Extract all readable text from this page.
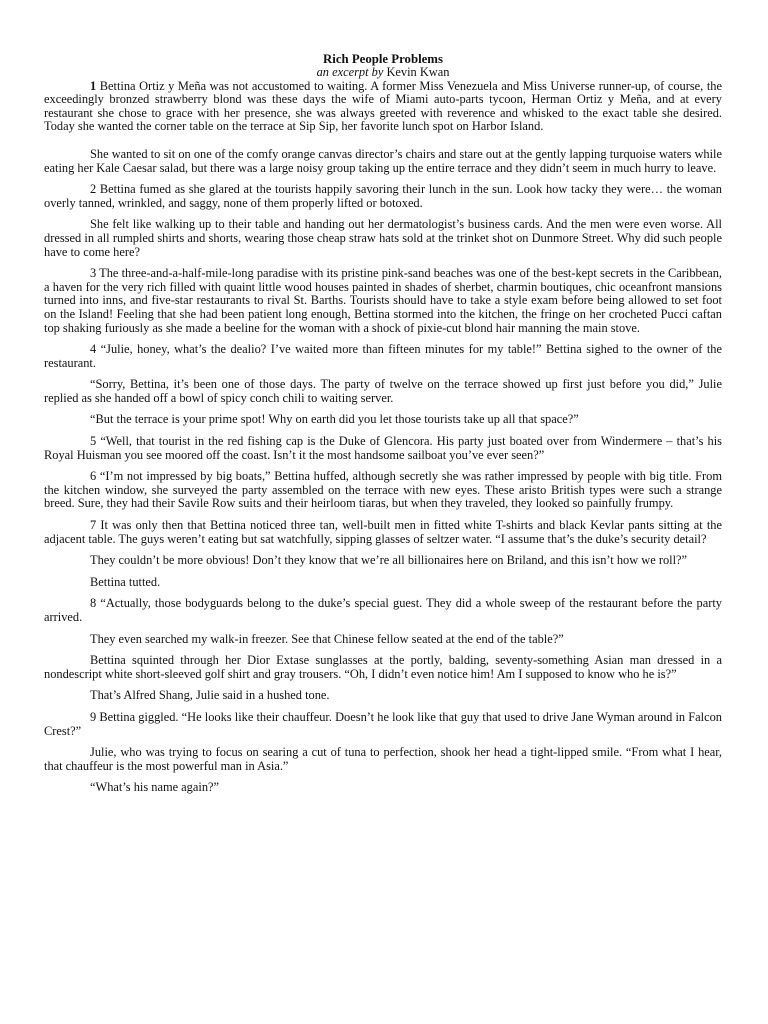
Rich People Problems
an excerpt by Kevin Kwan

1 Bettina Ortiz y Meña was not accustomed to waiting. A former Miss Venezuela and Miss Universe runner-up, of course, the exceedingly bronzed strawberry blond was these days the wife of Miami auto-parts tycoon, Herman Ortiz y Meña, and at every restaurant she chose to grace with her presence, she was always greeted with reverence and whisked to the exact table she desired. Today she wanted the corner table on the terrace at Sip Sip, her favorite lunch spot on Harbor Island.

She wanted to sit on one of the comfy orange canvas director’s chairs and stare out at the gently lapping turquoise waters while eating her Kale Caesar salad, but there was a large noisy group taking up the entire terrace and they didn’t seem in much hurry to leave.

2 Bettina fumed as she glared at the tourists happily savoring their lunch in the sun. Look how tacky they were… the woman overly tanned, wrinkled, and saggy, none of them properly lifted or botoxed.

She felt like walking up to their table and handing out her dermatologist’s business cards. And the men were even worse. All dressed in all rumpled shirts and shorts, wearing those cheap straw hats sold at the trinket shot on Dunmore Street. Why did such people have to come here?

3 The three-and-a-half-mile-long paradise with its pristine pink-sand beaches was one of the best-kept secrets in the Caribbean, a haven for the very rich filled with quaint little wood houses painted in shades of sherbet, charmin boutiques, chic oceanfront mansions turned into inns, and five-star restaurants to rival St. Barths. Tourists should have to take a style exam before being allowed to set foot on the Island! Feeling that she had been patient long enough, Bettina stormed into the kitchen, the fringe on her crocheted Pucci caftan top shaking furiously as she made a beeline for the woman with a shock of pixie-cut blond hair manning the main stove.

4 “Julie, honey, what’s the dealio? I’ve waited more than fifteen minutes for my table!” Bettina sighed to the owner of the restaurant.

“Sorry, Bettina, it’s been one of those days. The party of twelve on the terrace showed up first just before you did,” Julie replied as she handed off a bowl of spicy conch chili to waiting server.

“But the terrace is your prime spot! Why on earth did you let those tourists take up all that space?”

5 “Well, that tourist in the red fishing cap is the Duke of Glencora. His party just boated over from Windermere – that’s his Royal Huisman you see moored off the coast. Isn’t it the most handsome sailboat you’ve ever seen?”

6 “I’m not impressed by big boats,” Bettina huffed, although secretly she was rather impressed by people with big title. From the kitchen window, she surveyed the party assembled on the terrace with new eyes. These aristo British types were such a strange breed. Sure, they had their Savile Row suits and their heirloom tiaras, but when they traveled, they looked so painfully frumpy.

7 It was only then that Bettina noticed three tan, well-built men in fitted white T-shirts and black Kevlar pants sitting at the adjacent table. The guys weren’t eating but sat watchfully, sipping glasses of seltzer water. “I assume that’s the duke’s security detail?

They couldn’t be more obvious! Don’t they know that we’re all billionaires here on Briland, and this isn’t how we roll?”

Bettina tutted.

8 “Actually, those bodyguards belong to the duke’s special guest. They did a whole sweep of the restaurant before the party arrived.

They even searched my walk-in freezer. See that Chinese fellow seated at the end of the table?”

Bettina squinted through her Dior Extase sunglasses at the portly, balding, seventy-something Asian man dressed in a nondescript white short-sleeved golf shirt and gray trousers. “Oh, I didn’t even notice him! Am I supposed to know who he is?”

That’s Alfred Shang, Julie said in a hushed tone.

9 Bettina giggled. “He looks like their chauffeur. Doesn’t he look like that guy that used to drive Jane Wyman around in Falcon Crest?”

Julie, who was trying to focus on searing a cut of tuna to perfection, shook her head a tight-lipped smile. “From what I hear, that chauffeur is the most powerful man in Asia.”

“What’s his name again?”
